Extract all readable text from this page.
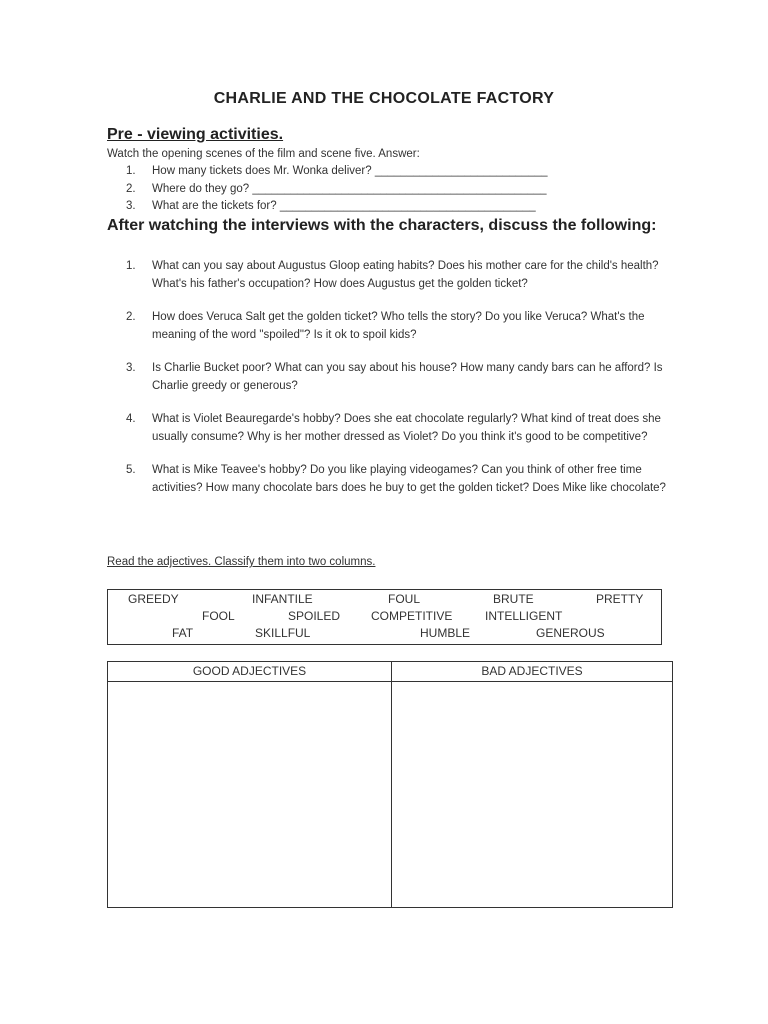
CHARLIE AND THE CHOCOLATE FACTORY
Pre - viewing activities.
Watch the opening scenes of the film and scene five. Answer:
1.	How many tickets does Mr. Wonka deliver? ___________________________
2.	Where do they go? ______________________________________________
3.	What are the tickets for? ________________________________________
After watching the interviews with the characters, discuss the following:
1.	What can you say about Augustus Gloop eating habits? Does his mother care for the child's health? What's his father's occupation? How does Augustus get the golden ticket?
2.	How does Veruca Salt get the golden ticket? Who tells the story? Do you like Veruca? What's the meaning of the word "spoiled"? Is it ok to spoil kids?
3.	Is Charlie Bucket poor? What can you say about his house? How many candy bars can he afford? Is Charlie greedy or generous?
4.	What is Violet Beauregarde's hobby? Does she eat chocolate regularly? What kind of treat does she usually consume? Why is her mother dressed as Violet? Do you think it's good to be competitive?
5.	What is Mike Teavee's hobby? Do you like playing videogames? Can you think of other free time activities? How many chocolate bars does he buy to get the golden ticket? Does Mike like chocolate?
Read the adjectives. Classify them into two columns.
GREEDY	INFANTILE	FOUL	BRUTE	PRETTY
FOOL	SPOILED	COMPETITIVE	INTELLIGENT
FAT	SKILLFUL	HUMBLE	GENEROUS
GOOD ADJECTIVES	BAD ADJECTIVES
